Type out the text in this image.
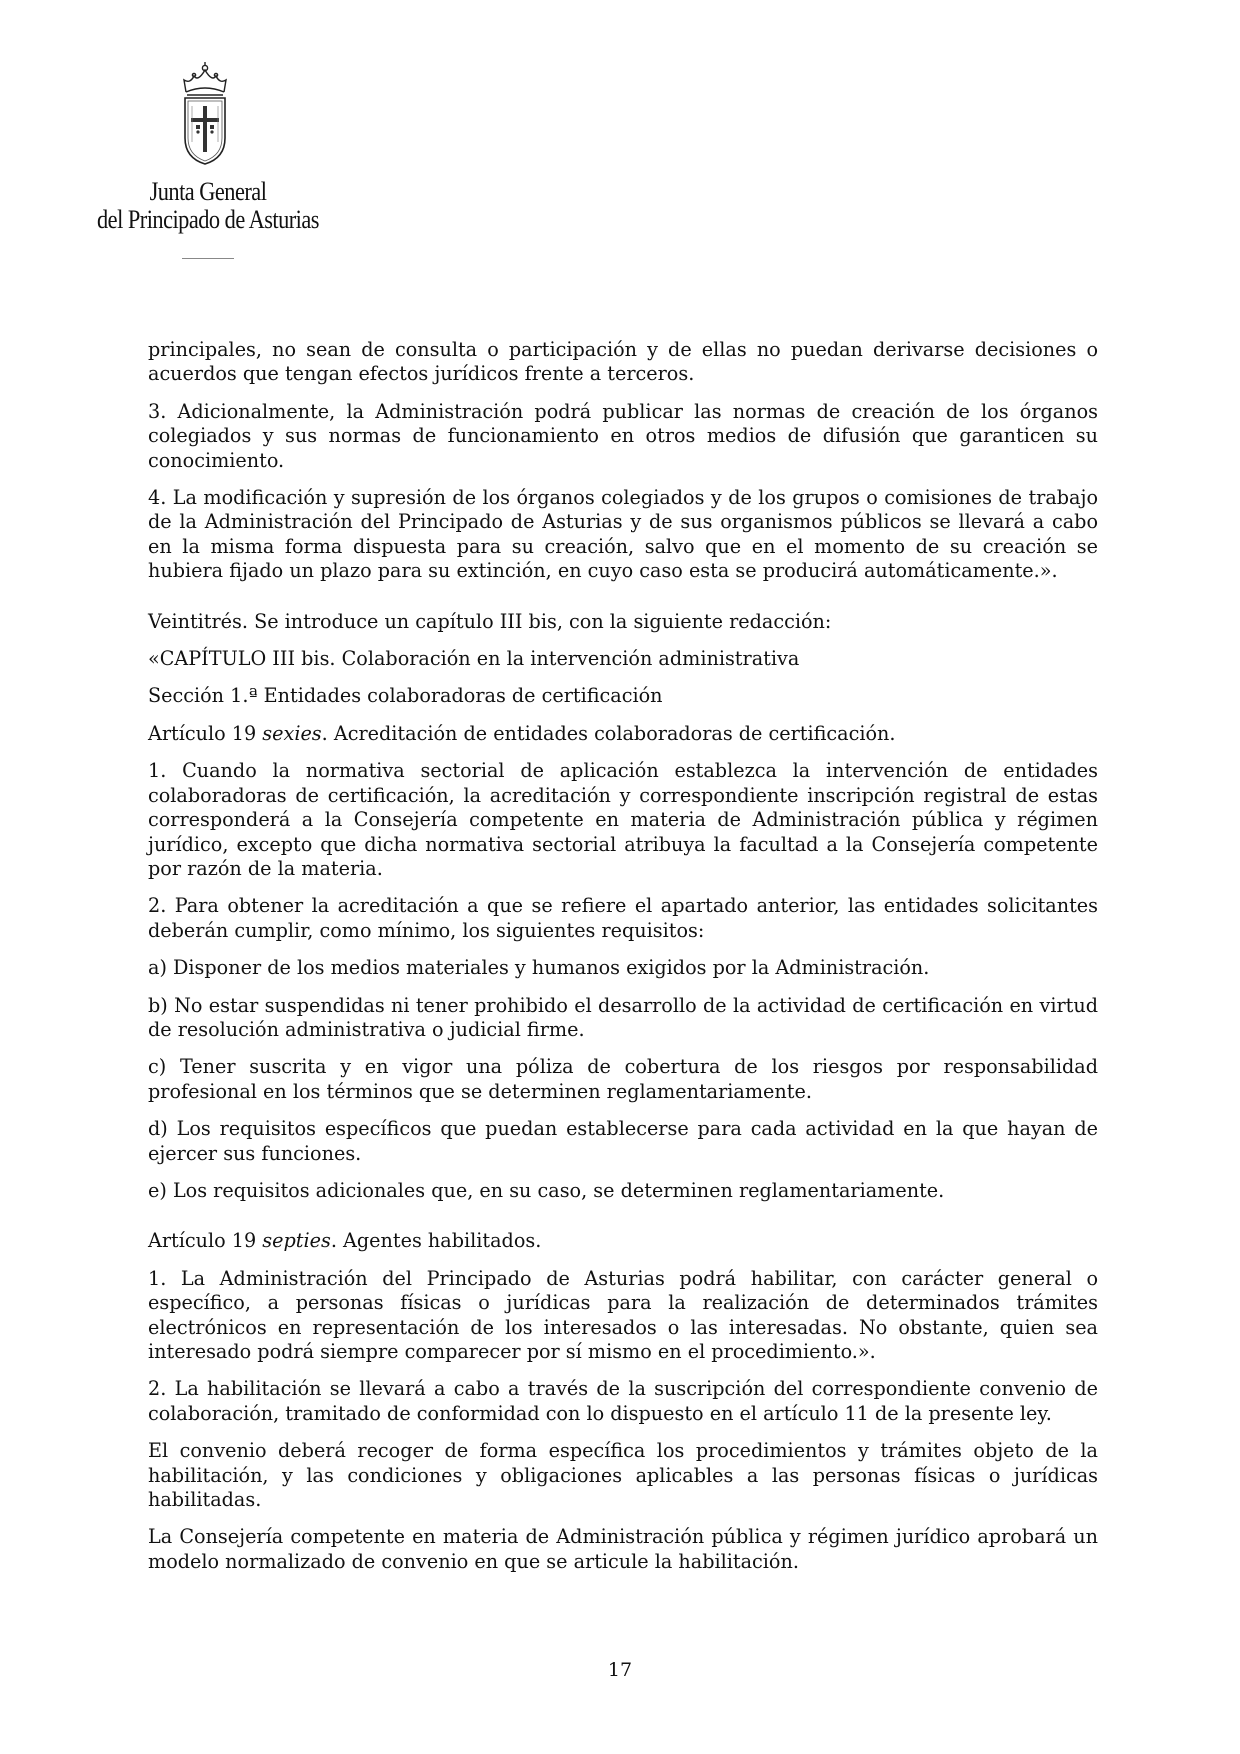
Junta General
del Principado de Asturias

principales, no sean de consulta o participación y de ellas no puedan derivarse decisiones o acuerdos que tengan efectos jurídicos frente a terceros.

3. Adicionalmente, la Administración podrá publicar las normas de creación de los órganos colegiados y sus normas de funcionamiento en otros medios de difusión que garanticen su conocimiento.

4. La modificación y supresión de los órganos colegiados y de los grupos o comisiones de trabajo de la Administración del Principado de Asturias y de sus organismos públicos se llevará a cabo en la misma forma dispuesta para su creación, salvo que en el momento de su creación se hubiera fijado un plazo para su extinción, en cuyo caso esta se producirá automáticamente.».

Veintitrés. Se introduce un capítulo III bis, con la siguiente redacción:

«CAPÍTULO III bis. Colaboración en la intervención administrativa

Sección 1.ª Entidades colaboradoras de certificación

Artículo 19 sexies. Acreditación de entidades colaboradoras de certificación.

1. Cuando la normativa sectorial de aplicación establezca la intervención de entidades colaboradoras de certificación, la acreditación y correspondiente inscripción registral de estas corresponderá a la Consejería competente en materia de Administración pública y régimen jurídico, excepto que dicha normativa sectorial atribuya la facultad a la Consejería competente por razón de la materia.

2. Para obtener la acreditación a que se refiere el apartado anterior, las entidades solicitantes deberán cumplir, como mínimo, los siguientes requisitos:

a) Disponer de los medios materiales y humanos exigidos por la Administración.

b) No estar suspendidas ni tener prohibido el desarrollo de la actividad de certificación en virtud de resolución administrativa o judicial firme.

c) Tener suscrita y en vigor una póliza de cobertura de los riesgos por responsabilidad profesional en los términos que se determinen reglamentariamente.

d) Los requisitos específicos que puedan establecerse para cada actividad en la que hayan de ejercer sus funciones.

e) Los requisitos adicionales que, en su caso, se determinen reglamentariamente.

Artículo 19 septies. Agentes habilitados.

1. La Administración del Principado de Asturias podrá habilitar, con carácter general o específico, a personas físicas o jurídicas para la realización de determinados trámites electrónicos en representación de los interesados o las interesadas. No obstante, quien sea interesado podrá siempre comparecer por sí mismo en el procedimiento.».

2. La habilitación se llevará a cabo a través de la suscripción del correspondiente convenio de colaboración, tramitado de conformidad con lo dispuesto en el artículo 11 de la presente ley.

El convenio deberá recoger de forma específica los procedimientos y trámites objeto de la habilitación, y las condiciones y obligaciones aplicables a las personas físicas o jurídicas habilitadas.

La Consejería competente en materia de Administración pública y régimen jurídico aprobará un modelo normalizado de convenio en que se articule la habilitación.

17
